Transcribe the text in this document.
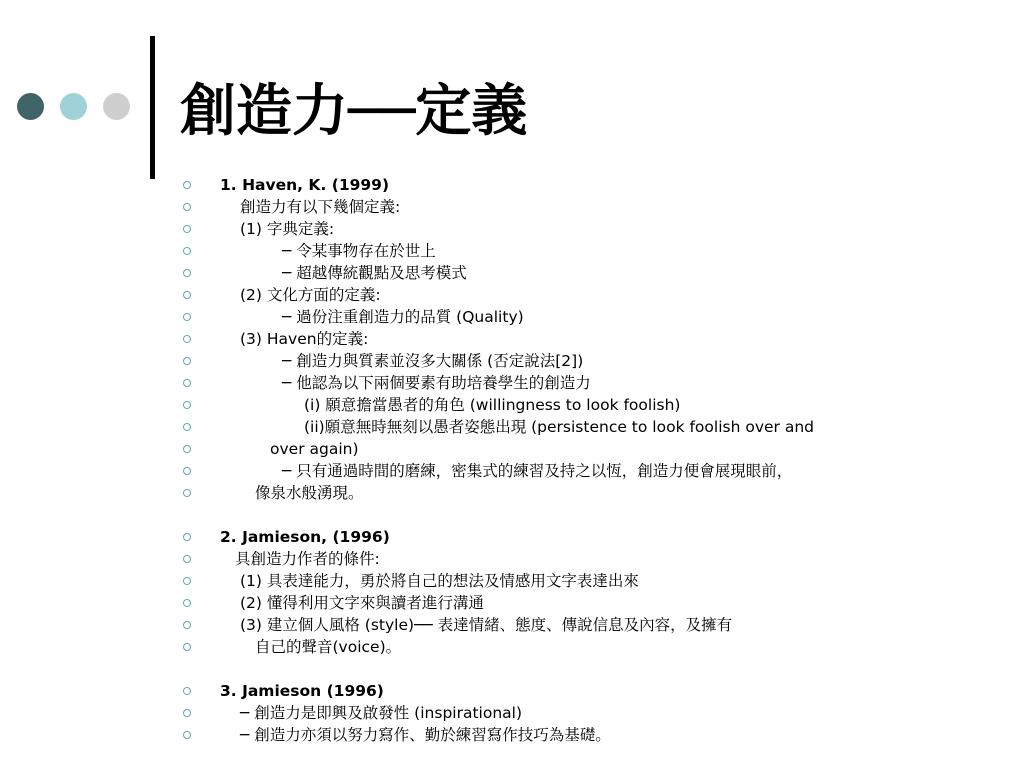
創造力──定義
1. Haven, K. (1999)
創造力有以下幾個定義:
(1) 字典定義:
─ 令某事物存在於世上
─ 超越傳統觀點及思考模式
(2) 文化方面的定義:
─ 過份注重創造力的品質 (Quality)
(3) Haven的定義:
─ 創造力與質素並沒多大關係 (否定說法[2])
─ 他認為以下兩個要素有助培養學生的創造力
(i) 願意擔當愚者的角色 (willingness to look foolish)
(ii)願意無時無刻以愚者姿態出現 (persistence to look foolish over and
over again)
─ 只有通過時間的磨練，密集式的練習及持之以恆，創造力便會展現眼前，
像泉水般湧現。
2. Jamieson, (1996)
具創造力作者的條件:
(1) 具表達能力，勇於將自己的想法及情感用文字表達出來
(2) 懂得利用文字來與讀者進行溝通
(3) 建立個人風格 (style)── 表達情緒、態度、傳說信息及內容，及擁有
自己的聲音(voice)。
3. Jamieson (1996)
─ 創造力是即興及啟發性 (inspirational)
─ 創造力亦須以努力寫作、勤於練習寫作技巧為基礎。
